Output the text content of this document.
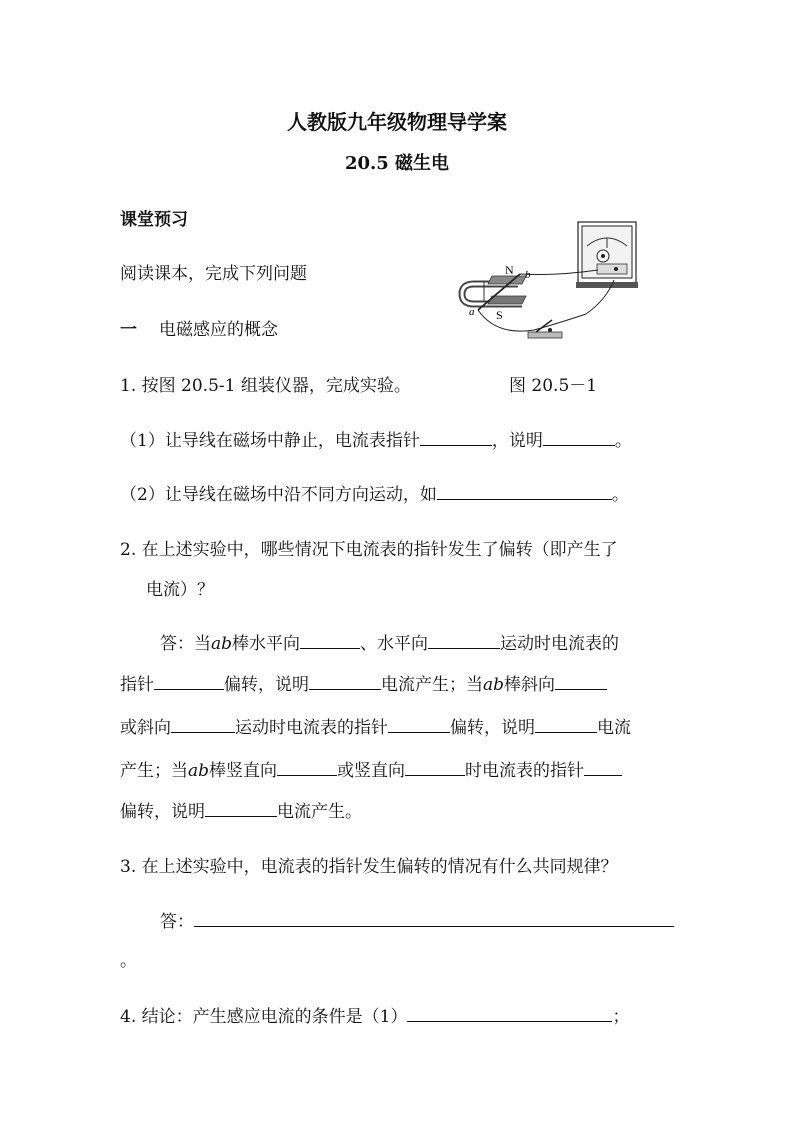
人教版九年级物理导学案
20.5 磁生电
课堂预习
阅读课本，完成下列问题
一 电磁感应的概念
N b
S
a
1. 按图 20.5-1 组装仪器，完成实验。	图 20.5－1
（1）让导线在磁场中静止，电流表指针	，说明	。
（2）让导线在磁场中沿不同方向运动，如	。
2. 在上述实验中，哪些情况下电流表的指针发生了偏转（即产生了
电流）？
答：当ab棒水平向	、水平向	运动时电流表的
指针	偏转，说明	电流产生；当ab棒斜向
或斜向	运动时电流表的指针	偏转，说明	电流
产生；当ab棒竖直向	或竖直向	时电流表的指针
偏转，说明	电流产生。
3. 在上述实验中，电流表的指针发生偏转的情况有什么共同规律？
答：
。
4. 结论：产生感应电流的条件是（1）	；
